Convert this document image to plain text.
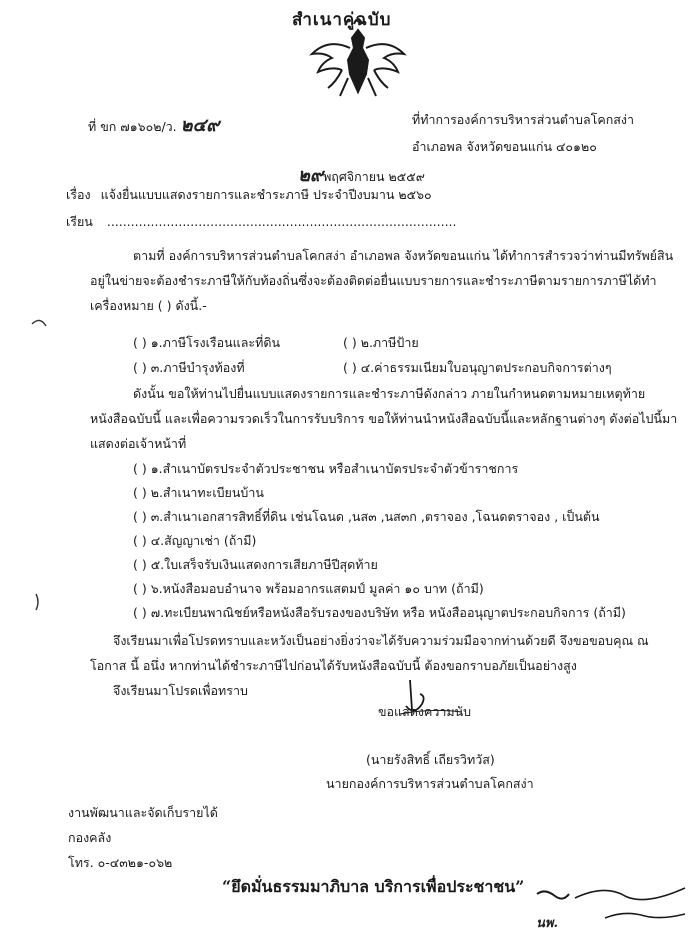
สำเนาคู่ฉบับ
ที่ ขก ๗๑๖๐๒/ว. ๒๔๙	ที่ทำการองค์การบริหารส่วนตำบลโคกสง่า
อำเภอพล จังหวัดขอนแก่น ๔๐๑๒๐
๒๙พฤศจิกายน ๒๕๕๙
เรื่อง แจ้งยื่นแบบแสดงรายการและชำระภาษี ประจำปีงบมาน ๒๕๖๐
เรียน ........................................................................................
ตามที่ องค์การบริหารส่วนตำบลโคกสง่า อำเภอพล จังหวัดขอนแก่น ได้ทำการสำรวจว่าท่านมีทรัพย์สิน
อยู่ในข่ายจะต้องชำระภาษีให้กับท้องถิ่นซึ่งจะต้องติดต่อยื่นแบบรายการและชำระภาษีตามรายการภาษีได้ทำ
เครื่องหมาย ( ) ดังนี้.-
( ) ๑.ภาษีโรงเรือนและที่ดิน	( ) ๒.ภาษีป้าย
( ) ๓.ภาษีบำรุงท้องที่	( ) ๔.ค่าธรรมเนียมใบอนุญาตประกอบกิจการต่างๆ
ดังนั้น ขอให้ท่านไปยื่นแบบแสดงรายการและชำระภาษีดังกล่าว ภายในกำหนดตามหมายเหตุท้าย
หนังสือฉบับนี้ และเพื่อความรวดเร็วในการรับบริการ ขอให้ท่านนำหนังสือฉบับนี้และหลักฐานต่างๆ ดังต่อไปนี้มา
แสดงต่อเจ้าหน้าที่
( ) ๑.สำเนาบัตรประจำตัวประชาชน หรือสำเนาบัตรประจำตัวข้าราชการ
( ) ๒.สำเนาทะเบียนบ้าน
( ) ๓.สำเนาเอกสารสิทธิ์ที่ดิน เช่นโฉนด ,นส๓ ,นส๓ก ,ตราจอง ,โฉนดตราจอง , เป็นต้น
( ) ๔.สัญญาเช่า (ถ้ามี)
( ) ๕.ใบเสร็จรับเงินแสดงการเสียภาษีปีสุดท้าย
( ) ๖.หนังสือมอบอำนาจ พร้อมอากรแสตมป์ มูลค่า ๑๐ บาท (ถ้ามี)
( ) ๗.ทะเบียนพาณิชย์หรือหนังสือรับรองของบริษัท หรือ หนังสืออนุญาตประกอบกิจการ (ถ้ามี)
จึงเรียนมาเพื่อโปรดทราบและหวังเป็นอย่างยิ่งว่าจะได้รับความร่วมมือจากท่านด้วยดี จึงขอขอบคุณ ณ
โอกาส นี้ อนึ่ง หากท่านได้ชำระภาษีไปก่อนได้รับหนังสือฉบับนี้ ต้องขอกราบอภัยเป็นอย่างสูง
จึงเรียนมาโปรดเพื่อทราบ
ขอแสดงความนับ
(นายรังสิทธิ์ เถียรวิทวัส)
นายกองค์การบริหารส่วนตำบลโคกสง่า
งานพัฒนาและจัดเก็บรายได้
กองคลัง
โทร. ๐-๔๓๒๑-๐๖๒
“ยึดมั่นธรรมมาภิบาล บริการเพื่อประชาชน”
นพ.
